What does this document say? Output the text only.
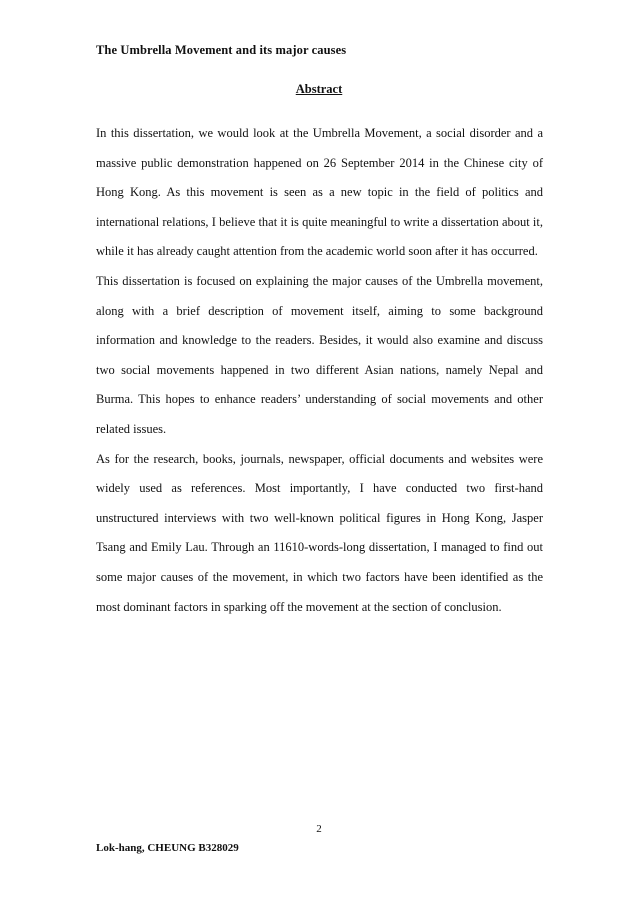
The Umbrella Movement and its major causes
Abstract

In this dissertation, we would look at the Umbrella Movement, a social disorder and a massive public demonstration happened on 26 September 2014 in the Chinese city of Hong Kong. As this movement is seen as a new topic in the field of politics and international relations, I believe that it is quite meaningful to write a dissertation about it, while it has already caught attention from the academic world soon after it has occurred.

This dissertation is focused on explaining the major causes of the Umbrella movement, along with a brief description of movement itself, aiming to some background information and knowledge to the readers. Besides, it would also examine and discuss two social movements happened in two different Asian nations, namely Nepal and Burma. This hopes to enhance readers’ understanding of social movements and other related issues.

As for the research, books, journals, newspaper, official documents and websites were widely used as references. Most importantly, I have conducted two first-hand unstructured interviews with two well-known political figures in Hong Kong, Jasper Tsang and Emily Lau. Through an 11610-words-long dissertation, I managed to find out some major causes of the movement, in which two factors have been identified as the most dominant factors in sparking off the movement at the section of conclusion.

2
Lok-hang, CHEUNG B328029
